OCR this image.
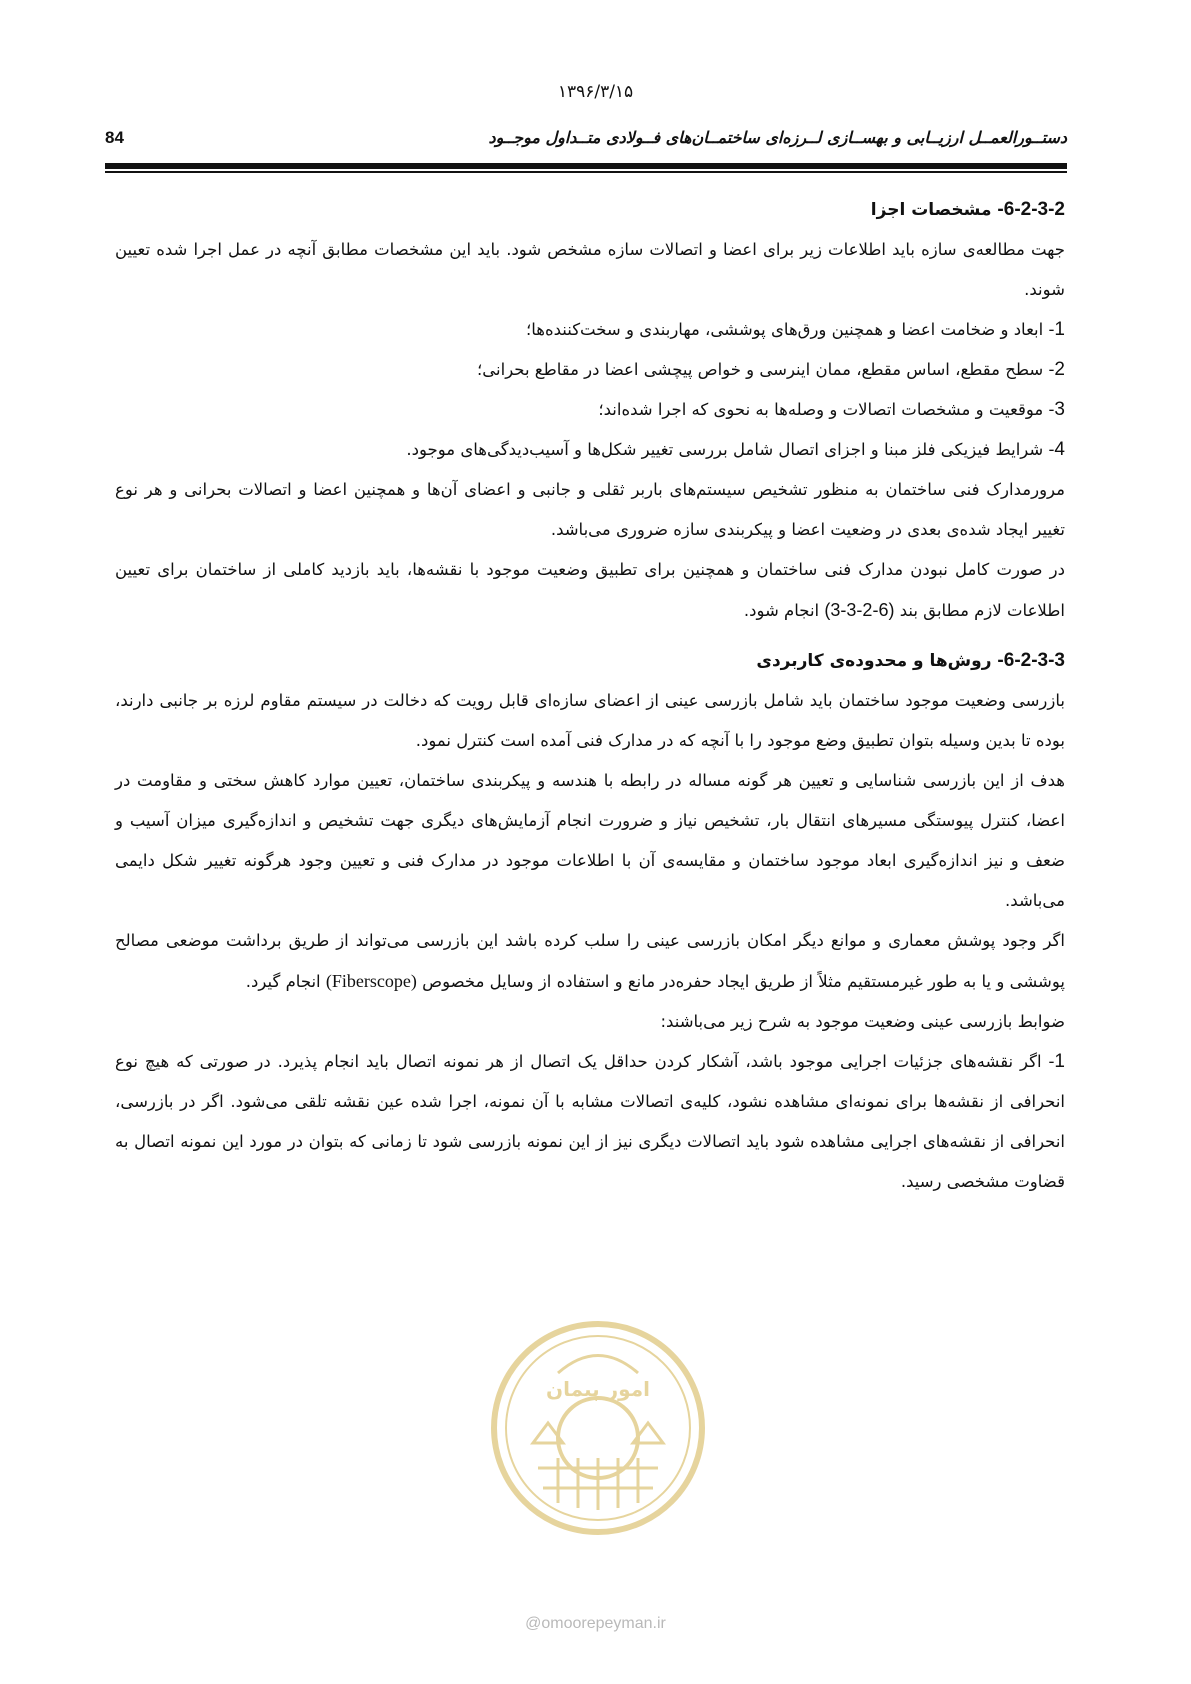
۱۳۹۶/۳/۱۵
84	دستــورالعمــل ارزیــابی و بهســازی لــرزه‌ای ساختمــان‌های فــولادی متــداول موجــود

6-2-3-2- مشخصات اجزا

جهت مطالعه‌ی سازه باید اطلاعات زیر برای اعضا و اتصالات سازه مشخص شود. باید این مشخصات مطابق آنچه در عمل اجرا شده تعیین شوند.

1- ابعاد و ضخامت اعضا و همچنین ورق‌های پوششی، مهاربندی و سخت‌کننده‌ها؛

2- سطح مقطع، اساس مقطع، ممان اینرسی و خواص پیچشی اعضا در مقاطع بحرانی؛

3- موقعیت و مشخصات اتصالات و وصله‌ها به نحوی که اجرا شده‌اند؛

4- شرایط فیزیکی فلز مبنا و اجزای اتصال شامل بررسی تغییر شکل‌ها و آسیب‌دیدگی‌های موجود.

مرورمدارک فنی ساختمان به منظور تشخیص سیستم‌های باربر ثقلی و جانبی و اعضای آن‌ها و همچنین اعضا و اتصالات بحرانی و هر نوع تغییر ایجاد شده‌ی بعدی در وضعیت اعضا و پیکربندی سازه ضروری می‌باشد.

در صورت کامل نبودن مدارک فنی ساختمان و همچنین برای تطبیق وضعیت موجود با نقشه‌ها، باید بازدید کاملی از ساختمان برای تعیین اطلاعات لازم مطابق بند (6-2-3-3) انجام شود.

6-2-3-3- روش‌ها و محدوده‌ی کاربردی

بازرسی وضعیت موجود ساختمان باید شامل بازرسی عینی از اعضای سازه‌ای قابل رویت که دخالت در سیستم مقاوم لرزه بر جانبی دارند، بوده تا بدین وسیله بتوان تطبیق وضع موجود را با آنچه که در مدارک فنی آمده است کنترل نمود.

هدف از این بازرسی شناسایی و تعیین هر گونه مساله در رابطه با هندسه و پیکربندی ساختمان، تعیین موارد کاهش سختی و مقاومت در اعضا، کنترل پیوستگی مسیرهای انتقال بار، تشخیص نیاز و ضرورت انجام آزمایش‌های دیگری جهت تشخیص و اندازه‌گیری میزان آسیب و ضعف و نیز اندازه‌گیری ابعاد موجود ساختمان و مقایسه‌ی آن با اطلاعات موجود در مدارک فنی و تعیین وجود هرگونه تغییر شکل دایمی می‌باشد.

اگر وجود پوشش معماری و موانع دیگر امکان بازرسی عینی را سلب کرده باشد این بازرسی می‌تواند از طریق برداشت موضعی مصالح پوششی و یا به طور غیرمستقیم مثلاً از طریق ایجاد حفره‌در مانع و استفاده از وسایل مخصوص (Fiberscope) انجام گیرد.

ضوابط بازرسی عینی وضعیت موجود به شرح زیر می‌باشند:

1- اگر نقشه‌های جزئیات اجرایی موجود باشد، آشکار کردن حداقل یک اتصال از هر نمونه اتصال باید انجام پذیرد. در صورتی که هیچ نوع انحرافی از نقشه‌ها برای نمونه‌ای مشاهده نشود، کلیه‌ی اتصالات مشابه با آن نمونه، اجرا شده عین نقشه تلقی می‌شود. اگر در بازرسی، انحرافی از نقشه‌های اجرایی مشاهده شود باید اتصالات دیگری نیز از این نمونه بازرسی شود تا زمانی که بتوان در مورد این نمونه اتصال به قضاوت مشخصی رسید.

امور پیمان
@omoorepeyman.ir
